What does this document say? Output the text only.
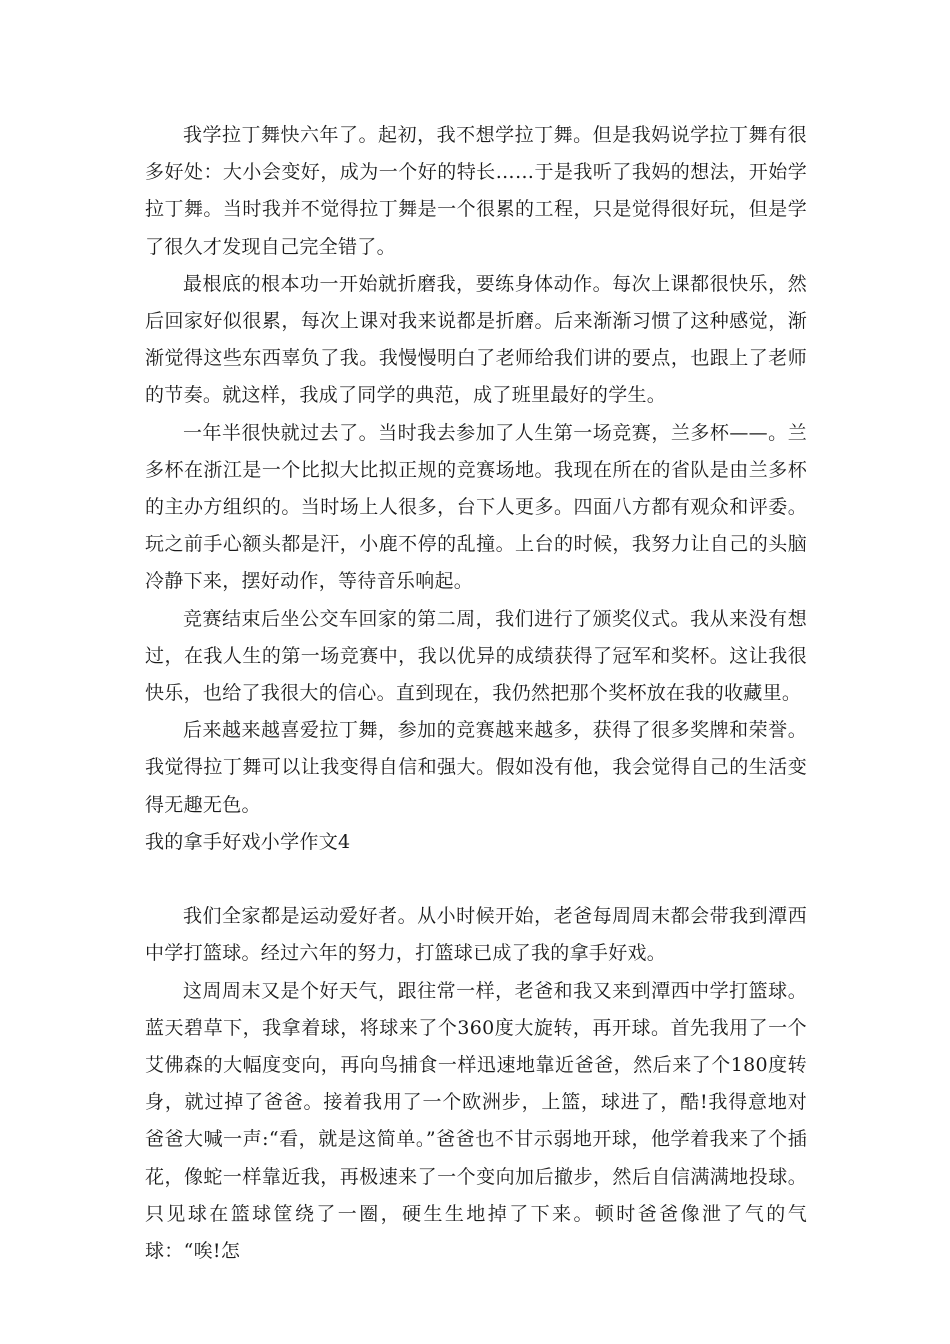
我学拉丁舞快六年了。起初，我不想学拉丁舞。但是我妈说学拉丁舞有很多好处：大小会变好，成为一个好的特长……于是我听了我妈的想法，开始学拉丁舞。当时我并不觉得拉丁舞是一个很累的工程，只是觉得很好玩，但是学了很久才发现自己完全错了。

最根底的根本功一开始就折磨我，要练身体动作。每次上课都很快乐，然后回家好似很累，每次上课对我来说都是折磨。后来渐渐习惯了这种感觉，渐渐觉得这些东西辜负了我。我慢慢明白了老师给我们讲的要点，也跟上了老师的节奏。就这样，我成了同学的典范，成了班里最好的学生。

一年半很快就过去了。当时我去参加了人生第一场竞赛，兰多杯——。兰多杯在浙江是一个比拟大比拟正规的竞赛场地。我现在所在的省队是由兰多杯的主办方组织的。当时场上人很多，台下人更多。四面八方都有观众和评委。玩之前手心额头都是汗，小鹿不停的乱撞。上台的时候，我努力让自己的头脑冷静下来，摆好动作，等待音乐响起。

竞赛结束后坐公交车回家的第二周，我们进行了颁奖仪式。我从来没有想过，在我人生的第一场竞赛中，我以优异的成绩获得了冠军和奖杯。这让我很快乐，也给了我很大的信心。直到现在，我仍然把那个奖杯放在我的收藏里。

后来越来越喜爱拉丁舞，参加的竞赛越来越多，获得了很多奖牌和荣誉。我觉得拉丁舞可以让我变得自信和强大。假如没有他，我会觉得自己的生活变得无趣无色。

我的拿手好戏小学作文4

我们全家都是运动爱好者。从小时候开始，老爸每周周末都会带我到潭西中学打篮球。经过六年的努力，打篮球已成了我的拿手好戏。

这周周末又是个好天气，跟往常一样，老爸和我又来到潭西中学打篮球。蓝天碧草下，我拿着球，将球来了个360度大旋转，再开球。首先我用了一个艾佛森的大幅度变向，再向鸟捕食一样迅速地靠近爸爸，然后来了个180度转身，就过掉了爸爸。接着我用了一个欧洲步，上篮，球进了，酷!我得意地对爸爸大喊一声:“看，就是这简单。”爸爸也不甘示弱地开球，他学着我来了个插花，像蛇一样靠近我，再极速来了一个变向加后撤步，然后自信满满地投球。只见球在篮球筐绕了一圈，硬生生地掉了下来。顿时爸爸像泄了气的气球：“唉!怎
